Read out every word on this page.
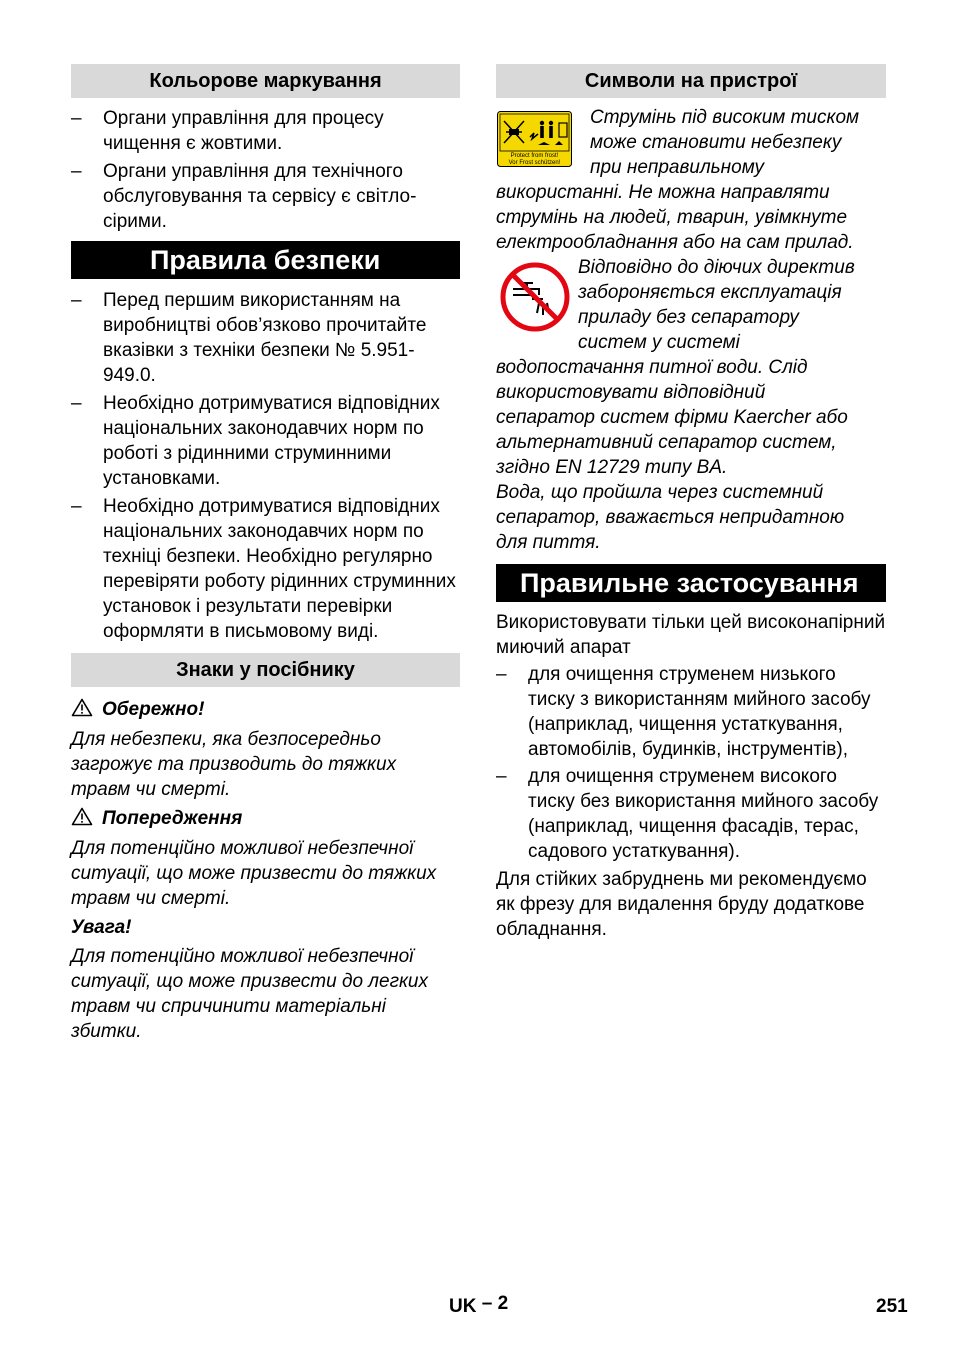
Кольорове маркування
– Органи управління для процесу чищення є жовтими.
– Органи управління для технічного обслуговування та сервісу є світло-сірими.
Правила безпеки
– Перед першим використанням на виробництві обов’язково прочитайте вказівки з техніки безпеки № 5.951-949.0.
– Необхідно дотримуватися відповідних національних законодавчих норм по роботі з рідинними струминними установками.
– Необхідно дотримуватися відповідних національних законодавчих норм по техніці безпеки. Необхідно регулярно перевіряти роботу рідинних струминних установок і результати перевірки оформляти в письмовому виді.
Знаки у посібнику
Обережно!
Для небезпеки, яка безпосередньо загрожує та призводить до тяжких травм чи смерті.
Попередження
Для потенційно можливої небезпечної ситуації, що може призвести до тяжких травм чи смерті.
Увага!
Для потенційно можливої небезпечної ситуації, що може призвести до легких травм чи спричинити матеріальні збитки.
Символи на пристрої
Protect from frost!
Vor Frost schützen!
Струмінь під високим тиском
може становити небезпеку
при неправильному
використанні. Не можна направляти
струмінь на людей, тварин, увімкнуте
електрообладнання або на сам прилад.
Відповідно до діючих директив
забороняється експлуатація
приладу без сепаратору
систем у системі
водопостачання питної води. Слід
використовувати відповідний
сепаратор систем фірми Kaercher або
альтернативний сепаратор систем,
згідно EN 12729 типу BA.
Вода, що пройшла через системний
сепаратор, вважається непридатною
для пиття.
Правильне застосування
Використовувати тільки цей високонапірний миючий апарат
– для очищення струменем низького тиску з використанням мийного засобу (наприклад, чищення устаткування, автомобілів, будинків, інструментів),
– для очищення струменем високого тиску без використання мийного засобу (наприклад, чищення фасадів, терас, садового устаткування).
Для стійких забруднень ми рекомендуємо як фрезу для видалення бруду додаткове обладнання.
UK – 2	251
